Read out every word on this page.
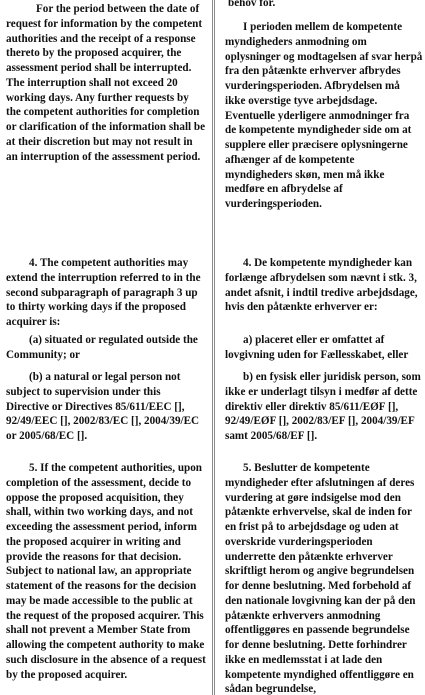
For the period between the date of request for information by the competent authorities and the receipt of a response thereto by the proposed acquirer, the assessment period shall be interrupted. The interruption shall not exceed 20 working days. Any further requests by the competent authorities for completion or clarification of the information shall be at their discretion but may not result in an interruption of the assessment period.

4. The competent authorities may extend the interruption referred to in the second subparagraph of paragraph 3 up to thirty working days if the proposed acquirer is:

(a) situated or regulated outside the Community; or

(b) a natural or legal person not subject to supervision under this Directive or Directives 85/611/EEC [], 92/49/EEC [], 2002/83/EC [], 2004/39/EC or 2005/68/EC [].

5. If the competent authorities, upon completion of the assessment, decide to oppose the proposed acquisition, they shall, within two working days, and not exceeding the assessment period, inform the proposed acquirer in writing and provide the reasons for that decision. Subject to national law, an appropriate statement of the reasons for the decision may be made accessible to the public at the request of the proposed acquirer. This shall not prevent a Member State from allowing the competent authority to make such disclosure in the absence of a request by the proposed acquirer.

behov for.

I perioden mellem de kompetente myndigheders anmodning om oplysninger og modtagelsen af svar herpå fra den påtænkte erhverver afbrydes vurderingsperioden. Afbrydelsen må ikke overstige tyve arbejdsdage. Eventuelle yderligere anmodninger fra de kompetente myndigheder side om at supplere eller præcisere oplysningerne afhænger af de kompetente myndigheders skøn, men må ikke medføre en afbrydelse af vurderingsperioden.

4. De kompetente myndigheder kan forlænge afbrydelsen som nævnt i stk. 3, andet afsnit, i indtil tredive arbejdsdage, hvis den påtænkte erhverver er:

a) placeret eller er omfattet af lovgivning uden for Fællesskabet, eller

b) en fysisk eller juridisk person, som ikke er underlagt tilsyn i medfør af dette direktiv eller direktiv 85/611/EØF [], 92/49/EØF [], 2002/83/EF [], 2004/39/EF samt 2005/68/EF [].

5. Beslutter de kompetente myndigheder efter afslutningen af deres vurdering at gøre indsigelse mod den påtænkte erhvervelse, skal de inden for en frist på to arbejdsdage og uden at overskride vurderingsperioden underrette den påtænkte erhverver skriftligt herom og angive begrundelsen for denne beslutning. Med forbehold af den nationale lovgivning kan der på den påtænkte erhververs anmodning offentliggøres en passende begrundelse for denne beslutning. Dette forhindrer ikke en medlemsstat i at lade den kompetente myndighed offentliggøre en sådan begrundelse,
